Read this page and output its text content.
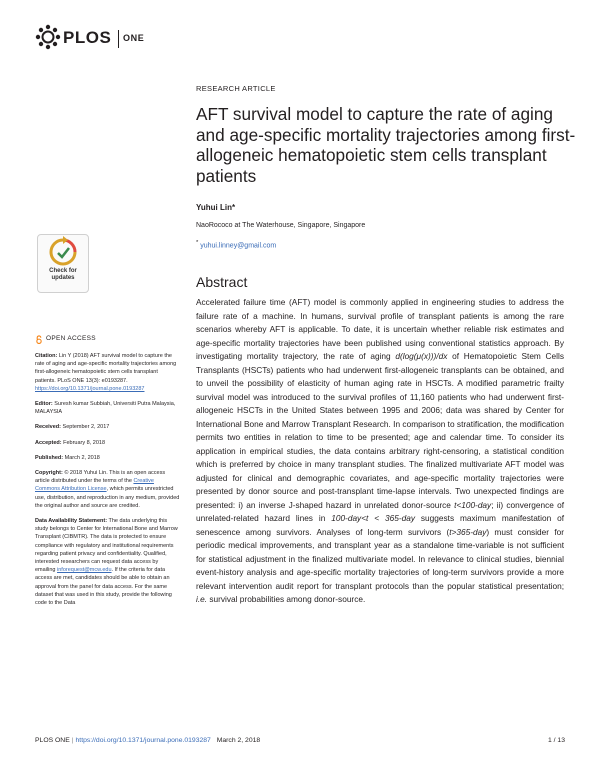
PLOS ONE
Check for
updates
RESEARCH ARTICLE
AFT survival model to capture the rate of aging and age-specific mortality trajectories among first-allogeneic hematopoietic stem cells transplant patients
Yuhui Lin*
NaoRococo at The Waterhouse, Singapore, Singapore
* yuhui.linney@gmail.com
Abstract
Accelerated failure time (AFT) model is commonly applied in engineering studies to address the failure rate of a machine. In humans, survival profile of transplant patients is among the rare scenarios whereby AFT is applicable. To date, it is uncertain whether reliable risk estimates and age-specific mortality trajectories have been published using conventional statistics approach. By investigating mortality trajectory, the rate of aging d(log(μ(x)))/dx of Hematopoietic Stem Cells Transplants (HSCTs) patients who had underwent first-allogeneic transplants can be obtained, and to unveil the possibility of elasticity of human aging rate in HSCTs. A modified parametric frailty survival model was introduced to the survival profiles of 11,160 patients who had underwent first-allogeneic HSCTs in the United States between 1995 and 2006; data was shared by Center for International Bone and Marrow Transplant Research. In comparison to stratification, the modification permits two entities in relation to time to be presented; age and calendar time. To consider its application in empirical studies, the data contains arbitrary right-censoring, a statistical condition which is preferred by choice in many transplant studies. The finalized multivariate AFT model was adjusted for clinical and demographic covariates, and age-specific mortality trajectories were presented by donor source and post-transplant time-lapse intervals. Two unexpected findings are presented: i) an inverse J-shaped hazard in unrelated donor-source t<100-day; ii) convergence of unrelated-related hazard lines in 100-day<t < 365-day suggests maximum manifestation of senescence among survivors. Analyses of long-term survivors (t>365-day) must consider for periodic medical improvements, and transplant year as a standalone time-variable is not sufficient for statistical adjustment in the finalized multivariate model. In relevance to clinical studies, biennial event-history analysis and age-specific mortality trajectories of long-term survivors provide a more relevant intervention audit report for transplant protocols than the popular statistical presentation; i.e. survival probabilities among donor-source.
OPEN ACCESS
Citation: Lin Y (2018) AFT survival model to capture the rate of aging and age-specific mortality trajectories among first-allogeneic hematopoietic stem cells transplant patients. PLoS ONE 13(3): e0193287. https://doi.org/10.1371/journal.pone.0193287
Editor: Suresh kumar Subbiah, Universiti Putra Malaysia, MALAYSIA
Received: September 2, 2017
Accepted: February 8, 2018
Published: March 2, 2018
Copyright: © 2018 Yuhui Lin. This is an open access article distributed under the terms of the Creative Commons Attribution License, which permits unrestricted use, distribution, and reproduction in any medium, provided the original author and source are credited.
Data Availability Statement: The data underlying this study belongs to Center for International Bone and Marrow Transplant (CIBMTR). The data is protected to ensure compliance with regulatory and institutional requirements regarding patient privacy and confidentiality. Qualified, interested researchers can request data access by emailing inforequest@mcw.edu. If the criteria for data access are met, candidates should be able to obtain an approval from the panel for data access. For the same dataset that was used in this study, provide the following code to the Data
PLOS ONE | https://doi.org/10.1371/journal.pone.0193287 March 2, 2018	1 / 13
